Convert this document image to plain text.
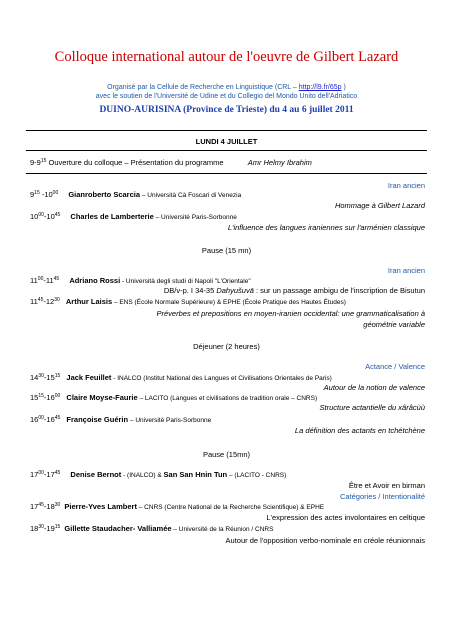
Colloque international autour de l'oeuvre de Gilbert Lazard
Organisé par la Cellule de Recherche en Linguistique (CRL – http://l9.fr/65p )
avec le soutien de l'Université de Udine et du Collegio del Mondo Unito dell'Adriatico
DUINO-AURISINA (Province de Trieste) du 4 au 6 juillet 2011
LUNDI 4 JUILLET
$9-9^{15}$ Ouverture du colloque – Présentation du programme	Amr Helmy Ibrahim
Iran ancien
$9^{15}$ $-10^{00}$ Gianroberto Scarcia – Università Cà Foscari di Venezia
Hommage à Gilbert Lazard
$10^{00}-10^{45}$ Charles de Lamberterie – Université Paris-Sorbonne
L'influence des langues iraniennes sur l'arménien classique
Pause (15 mn)
Iran ancien
$11^{00}-11^{45}$ Adriano Rossi - Università degli studi di Napoli "L'Orientale"
DB/v-p. I 34-35 Dahyušuvā : sur un passage ambigu de l'inscription de Bisutun
$11^{45}-12^{30}$ Arthur Laisis – ENS (École Normale Supérieure) & EPHE (École Pratique des Hautes Études)
Préverbes et prepositions en moyen-iranien occidental: une grammaticalisation à
géométrie variable
Déjeuner (2 heures)
Actance / Valence
$14^{30}-15^{15}$ Jack Feuillet - INALCO (Institut National des Langues et Civilisations Orientales de Paris)
Autour de la notion de valence
$15^{15}-16^{00}$ Claire Moyse-Faurie – LACITO (Langues et civilisations de tradition orale – CNRS)
Structure actantielle du xârâcùù
$16^{00}-16^{45}$ Françoise Guérin – Université Paris-Sorbonne
La définition des actants en tchétchène
Pause (15mn)
$17^{00}-17^{45}$ Denise Bernot - (INALCO) & San San Hnin Tun – (LACITO - CNRS)
Être et Avoir en birman
Catégories / Intentionalité
$17^{45}-18^{30}$ Pierre-Yves Lambert – CNRS (Centre National de la Recherche Scientifique) & EPHE
L'expression des actes involontaires en celtique
$18^{30}-19^{15}$ Gillette Staudacher- Valliamée – Université de la Réunion / CNRS
Autour de l'opposition verbo-nominale en créole réunionnais
